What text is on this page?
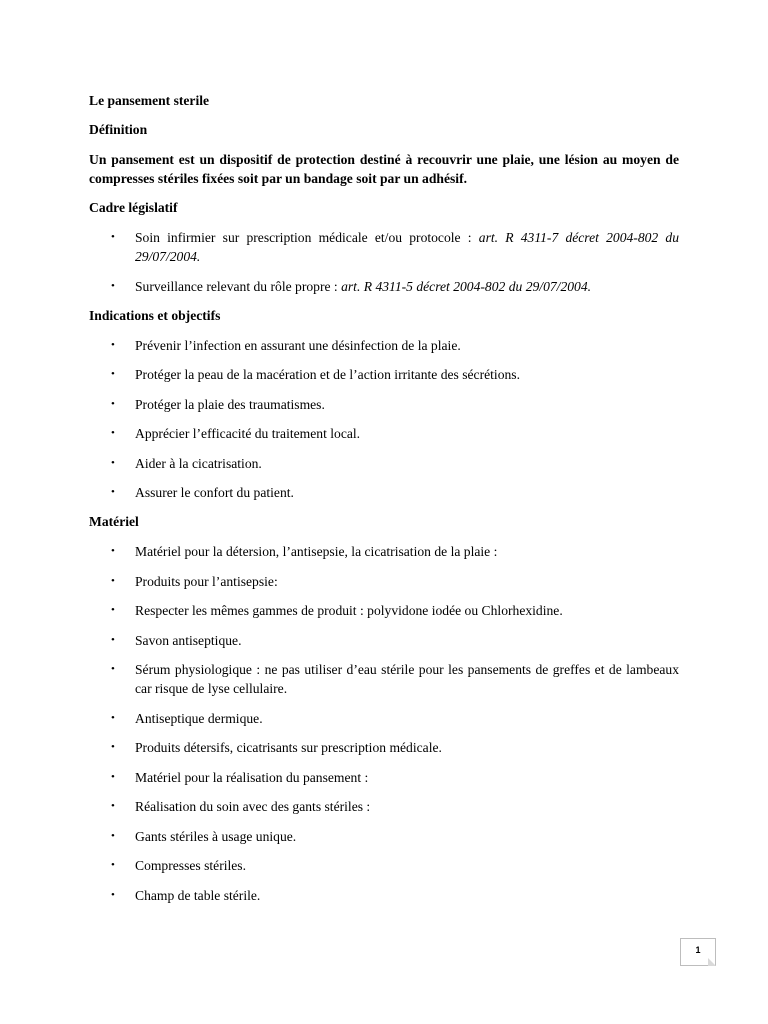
Le pansement sterile

Définition

Un pansement est un dispositif de protection destiné à recouvrir une plaie, une lésion au moyen de compresses stériles fixées soit par un bandage soit par un adhésif.

Cadre législatif

• Soin infirmier sur prescription médicale et/ou protocole : art. R 4311-7 décret 2004-802 du 29/07/2004.
• Surveillance relevant du rôle propre : art. R 4311-5 décret 2004-802 du 29/07/2004.

Indications et objectifs

• Prévenir l’infection en assurant une désinfection de la plaie.
• Protéger la peau de la macération et de l’action irritante des sécrétions.
• Protéger la plaie des traumatismes.
• Apprécier l’efficacité du traitement local.
• Aider à la cicatrisation.
• Assurer le confort du patient.

Matériel

• Matériel pour la détersion, l’antisepsie, la cicatrisation de la plaie :
• Produits pour l’antisepsie:
• Respecter les mêmes gammes de produit : polyvidone iodée ou Chlorhexidine.
• Savon antiseptique.
• Sérum physiologique : ne pas utiliser d’eau stérile pour les pansements de greffes et de lambeaux car risque de lyse cellulaire.
• Antiseptique dermique.
• Produits détersifs, cicatrisants sur prescription médicale.
• Matériel pour la réalisation du pansement :
• Réalisation du soin avec des gants stériles :
• Gants stériles à usage unique.
• Compresses stériles.
• Champ de table stérile.
1
